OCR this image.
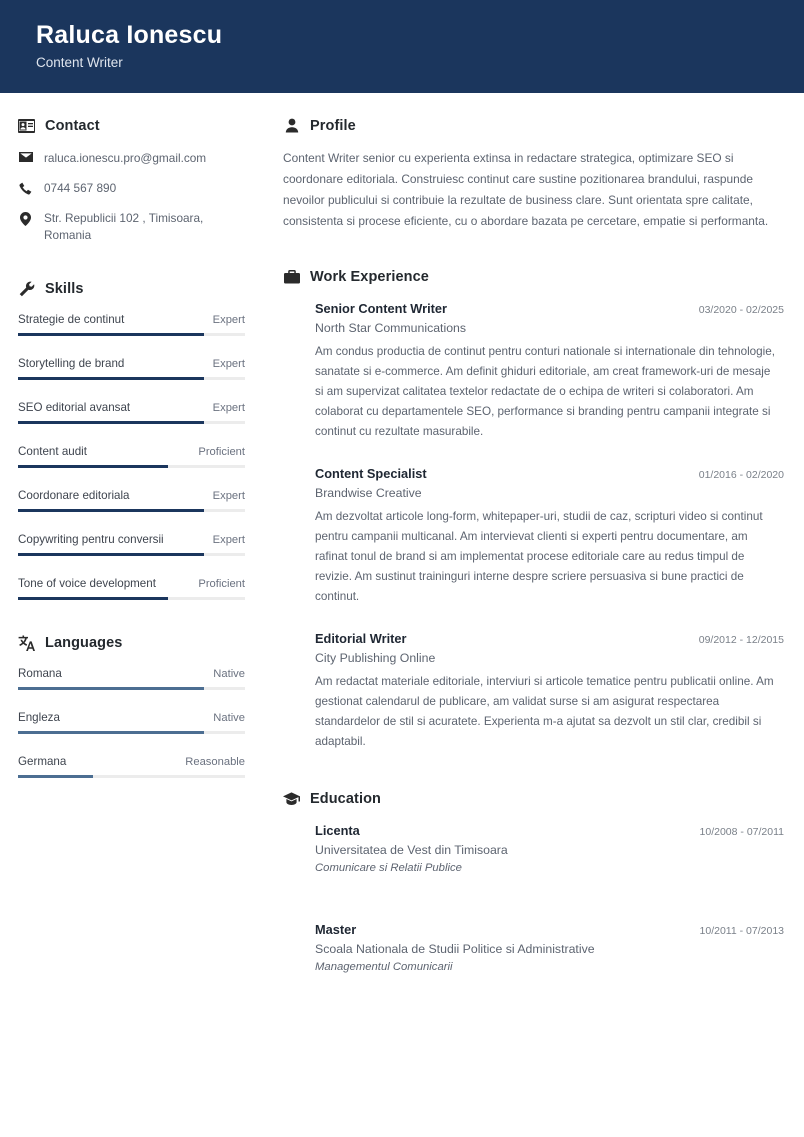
Raluca Ionescu
Content Writer
Contact
raluca.ionescu.pro@gmail.com
0744 567 890
Str. Republicii 102 , Timisoara, Romania
Skills
Strategie de continut	Expert
Storytelling de brand	Expert
SEO editorial avansat	Expert
Content audit	Proficient
Coordonare editoriala	Expert
Copywriting pentru conversii	Expert
Tone of voice development	Proficient
Languages
Romana	Native
Engleza	Native
Germana	Reasonable
Profile
Content Writer senior cu experienta extinsa in redactare strategica, optimizare SEO si coordonare editoriala. Construiesc continut care sustine pozitionarea brandului, raspunde nevoilor publicului si contribuie la rezultate de business clare. Sunt orientata spre calitate, consistenta si procese eficiente, cu o abordare bazata pe cercetare, empatie si performanta.
Work Experience
Senior Content Writer	03/2020 - 02/2025
North Star Communications
Am condus productia de continut pentru conturi nationale si internationale din tehnologie, sanatate si e-commerce. Am definit ghiduri editoriale, am creat framework-uri de mesaje si am supervizat calitatea textelor redactate de o echipa de writeri si colaboratori. Am colaborat cu departamentele SEO, performance si branding pentru campanii integrate si continut cu rezultate masurabile.
Content Specialist	01/2016 - 02/2020
Brandwise Creative
Am dezvoltat articole long-form, whitepaper-uri, studii de caz, scripturi video si continut pentru campanii multicanal. Am intervievat clienti si experti pentru documentare, am rafinat tonul de brand si am implementat procese editoriale care au redus timpul de revizie. Am sustinut traininguri interne despre scriere persuasiva si bune practici de continut.
Editorial Writer	09/2012 - 12/2015
City Publishing Online
Am redactat materiale editoriale, interviuri si articole tematice pentru publicatii online. Am gestionat calendarul de publicare, am validat surse si am asigurat respectarea standardelor de stil si acuratete. Experienta m-a ajutat sa dezvolt un stil clar, credibil si adaptabil.
Education
Licenta	10/2008 - 07/2011
Universitatea de Vest din Timisoara
Comunicare si Relatii Publice
Master	10/2011 - 07/2013
Scoala Nationala de Studii Politice si Administrative
Managementul Comunicarii
